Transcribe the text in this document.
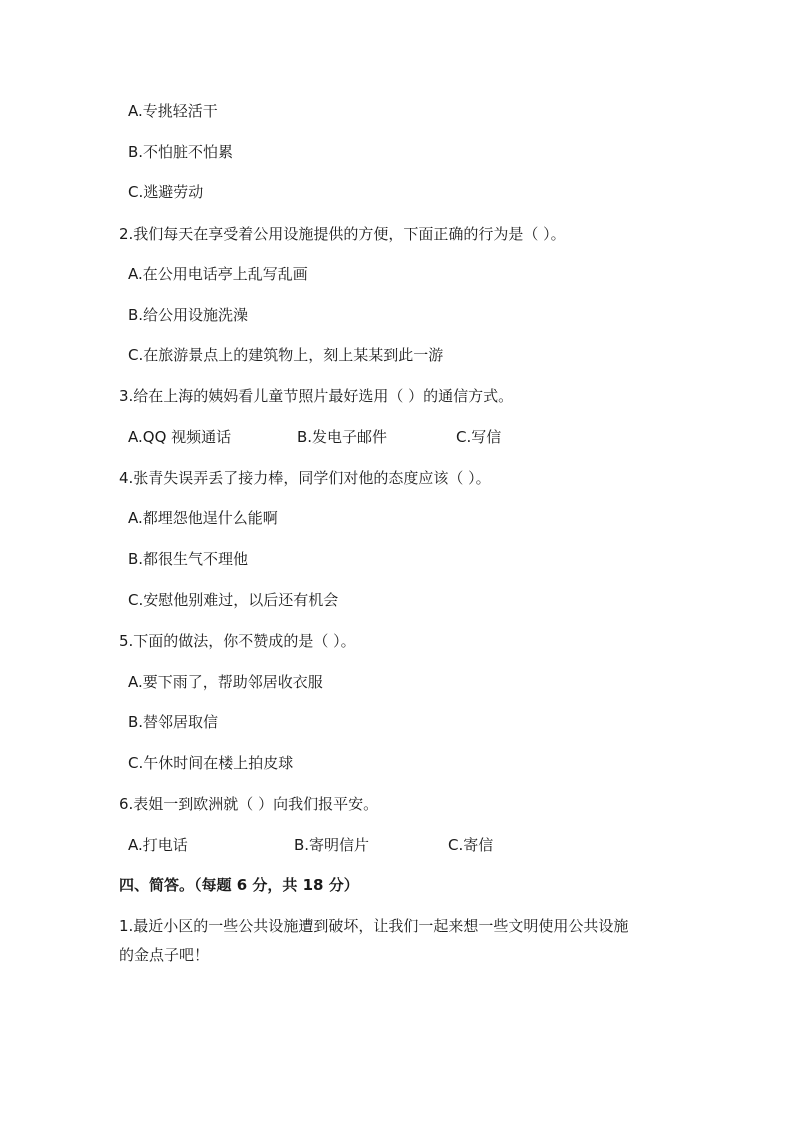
A.专挑轻活干
B.不怕脏不怕累
C.逃避劳动
2.我们每天在享受着公用设施提供的方便，下面正确的行为是（ ）。
A.在公用电话亭上乱写乱画
B.给公用设施洗澡
C.在旅游景点上的建筑物上，刻上某某到此一游
3.给在上海的姨妈看儿童节照片最好选用（ ）的通信方式。
A.QQ 视频通话	B.发电子邮件	C.写信
4.张青失误弄丢了接力棒，同学们对他的态度应该（ ）。
A.都埋怨他逞什么能啊
B.都很生气不理他
C.安慰他别难过，以后还有机会
5.下面的做法，你不赞成的是（ ）。
A.要下雨了，帮助邻居收衣服
B.替邻居取信
C.午休时间在楼上拍皮球
6.表姐一到欧洲就（ ）向我们报平安。
A.打电话	B.寄明信片	C.寄信
四、简答。（每题 6 分，共 18 分）
1.最近小区的一些公共设施遭到破坏，让我们一起来想一些文明使用公共设施
的金点子吧！
